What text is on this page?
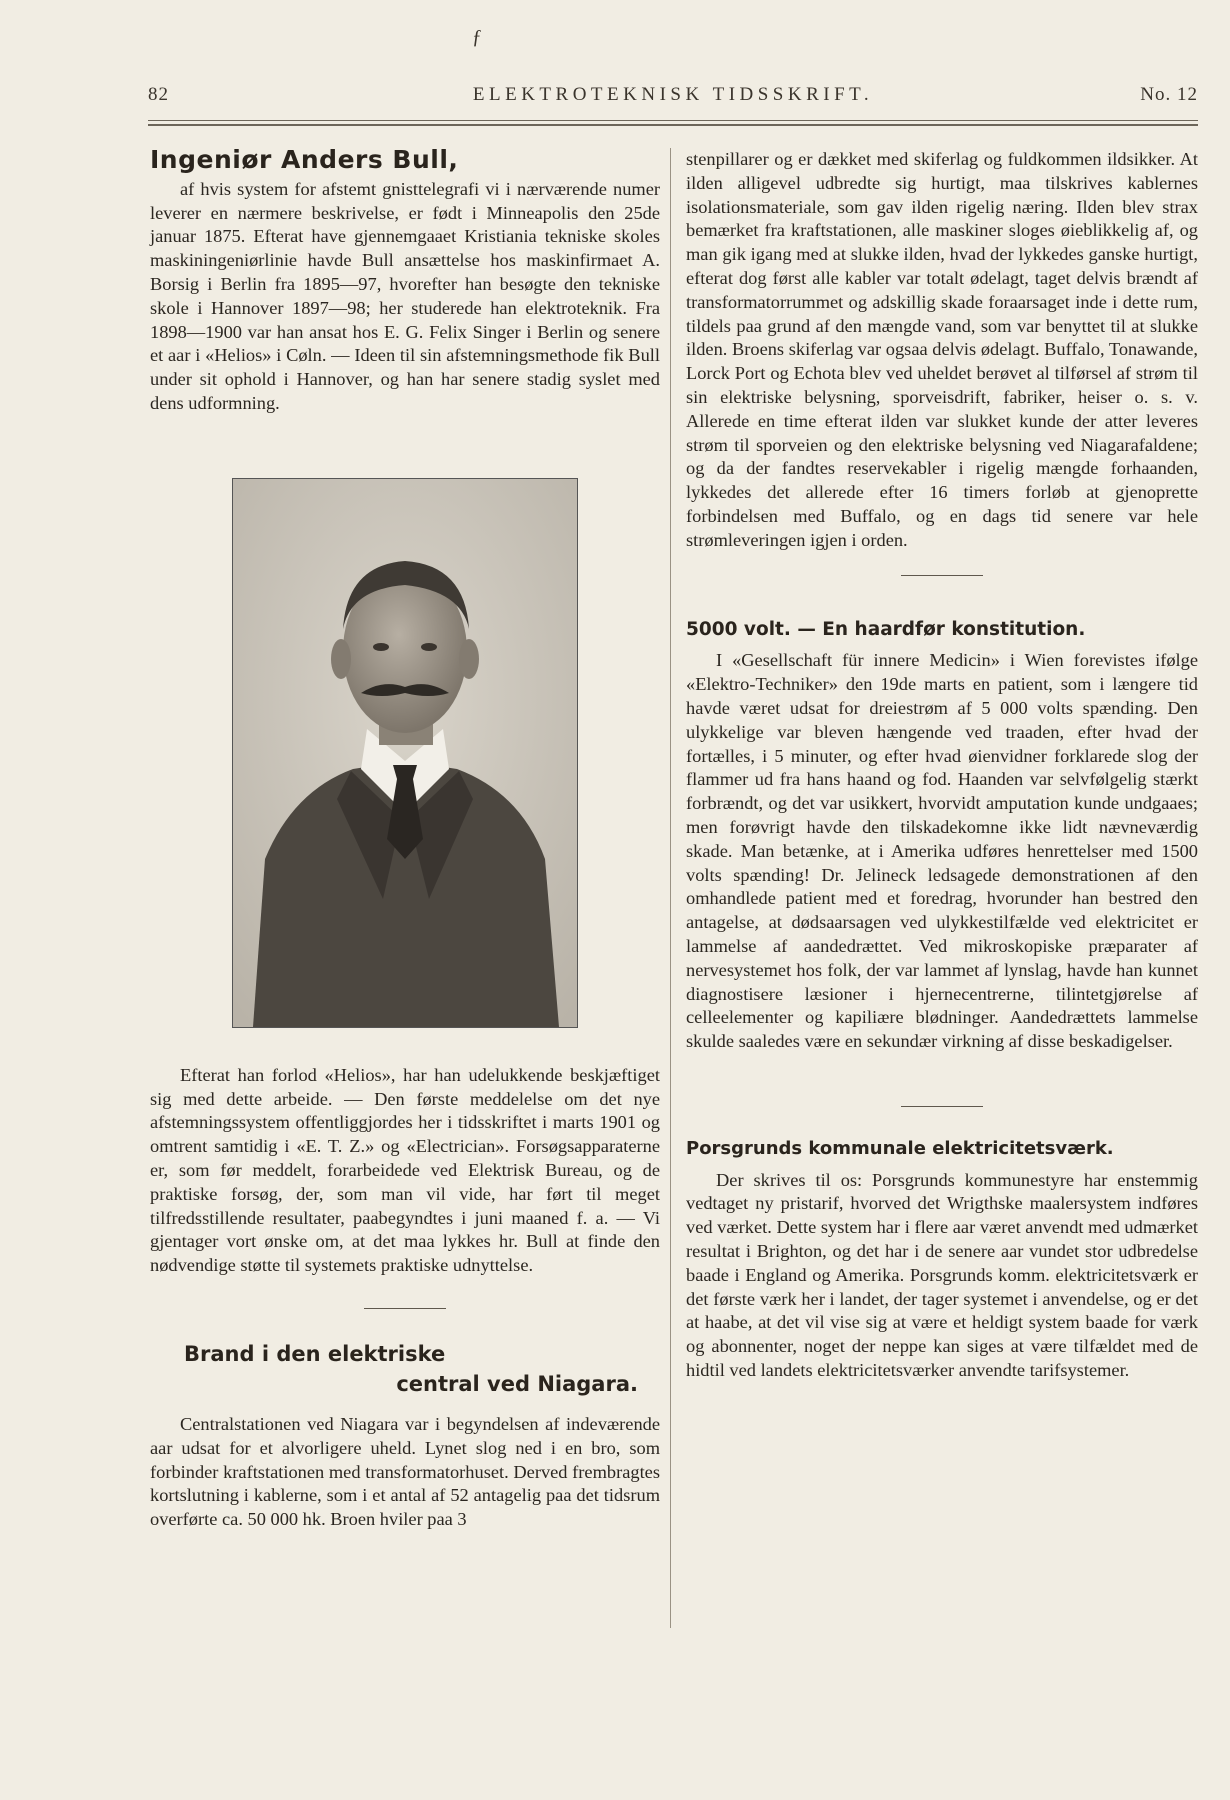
ƒ
82	ELEKTROTEKNISK TIDSSKRIFT.	No. 12
Ingeniør Anders Bull,

af hvis system for afstemt gnisttelegrafi vi i nærværende numer leverer en nærmere beskrivelse, er født i Minneapolis den 25de januar 1875. Efterat have gjennemgaaet Kristiania tekniske skoles maskiningeniørlinie havde Bull ansættelse hos maskinfirmaet A. Borsig i Berlin fra 1895—97, hvorefter han besøgte den tekniske skole i Hannover 1897—98; her studerede han elektroteknik. Fra 1898—1900 var han ansat hos E. G. Felix Singer i Berlin og senere et aar i «Helios» i Cøln. — Ideen til sin afstemningsmethode fik Bull under sit ophold i Hannover, og han har senere stadig syslet med dens udformning.

Efterat han forlod «Helios», har han udelukkende beskjæftiget sig med dette arbeide. — Den første meddelelse om det nye afstemningssystem offentliggjordes her i tidsskriftet i marts 1901 og omtrent samtidig i «E. T. Z.» og «Electrician». Forsøgsapparaterne er, som før meddelt, forarbeidede ved Elektrisk Bureau, og de praktiske forsøg, der, som man vil vide, har ført til meget tilfredsstillende resultater, paabegyndtes i juni maaned f. a. — Vi gjentager vort ønske om, at det maa lykkes hr. Bull at finde den nødvendige støtte til systemets praktiske udnyttelse.

Brand i den elektriske
central ved Niagara.

Centralstationen ved Niagara var i begyndelsen af indeværende aar udsat for et alvorligere uheld. Lynet slog ned i en bro, som forbinder kraftstationen med transformatorhuset. Derved frembragtes kortslutning i kablerne, som i et antal af 52 antagelig paa det tidsrum overførte ca. 50 000 hk. Broen hviler paa 3

stenpillarer og er dækket med skiferlag og fuldkommen ildsikker. At ilden alligevel udbredte sig hurtigt, maa tilskrives kablernes isolationsmateriale, som gav ilden rigelig næring. Ilden blev strax bemærket fra kraftstationen, alle maskiner sloges øieblikkelig af, og man gik igang med at slukke ilden, hvad der lykkedes ganske hurtigt, efterat dog først alle kabler var totalt ødelagt, taget delvis brændt af transformatorrummet og adskillig skade foraarsaget inde i dette rum, tildels paa grund af den mængde vand, som var benyttet til at slukke ilden. Broens skiferlag var ogsaa delvis ødelagt. Buffalo, Tonawande, Lorck Port og Echota blev ved uheldet berøvet al tilførsel af strøm til sin elektriske belysning, sporveisdrift, fabriker, heiser o. s. v. Allerede en time efterat ilden var slukket kunde der atter leveres strøm til sporveien og den elektriske belysning ved Niagarafaldene; og da der fandtes reservekabler i rigelig mængde forhaanden, lykkedes det allerede efter 16 timers forløb at gjenoprette forbindelsen med Buffalo, og en dags tid senere var hele strømleveringen igjen i orden.

5000 volt. — En haardfør konstitution.

I «Gesellschaft für innere Medicin» i Wien forevistes ifølge «Elektro-Techniker» den 19de marts en patient, som i længere tid havde været udsat for dreiestrøm af 5 000 volts spænding. Den ulykkelige var bleven hængende ved traaden, efter hvad der fortælles, i 5 minuter, og efter hvad øienvidner forklarede slog der flammer ud fra hans haand og fod. Haanden var selvfølgelig stærkt forbrændt, og det var usikkert, hvorvidt amputation kunde undgaaes; men forøvrigt havde den tilskadekomne ikke lidt nævneværdig skade. Man betænke, at i Amerika udføres henrettelser med 1500 volts spænding! Dr. Jelineck ledsagede demonstrationen af den omhandlede patient med et foredrag, hvorunder han bestred den antagelse, at dødsaarsagen ved ulykkestilfælde ved elektricitet er lammelse af aandedrættet. Ved mikroskopiske præparater af nervesystemet hos folk, der var lammet af lynslag, havde han kunnet diagnostisere læsioner i hjernecentrerne, tilintetgjørelse af celleelementer og kapiliære blødninger. Aandedrættets lammelse skulde saaledes være en sekundær virkning af disse beskadigelser.

Porsgrunds kommunale elektricitetsværk.

Der skrives til os: Porsgrunds kommunestyre har enstemmig vedtaget ny pristarif, hvorved det Wrigthske maalersystem indføres ved værket. Dette system har i flere aar været anvendt med udmærket resultat i Brighton, og det har i de senere aar vundet stor udbredelse baade i England og Amerika. Porsgrunds komm. elektricitetsværk er det første værk her i landet, der tager systemet i anvendelse, og er det at haabe, at det vil vise sig at være et heldigt system baade for værk og abonnenter, noget der neppe kan siges at være tilfældet med de hidtil ved landets elektricitetsværker anvendte tarifsystemer.
